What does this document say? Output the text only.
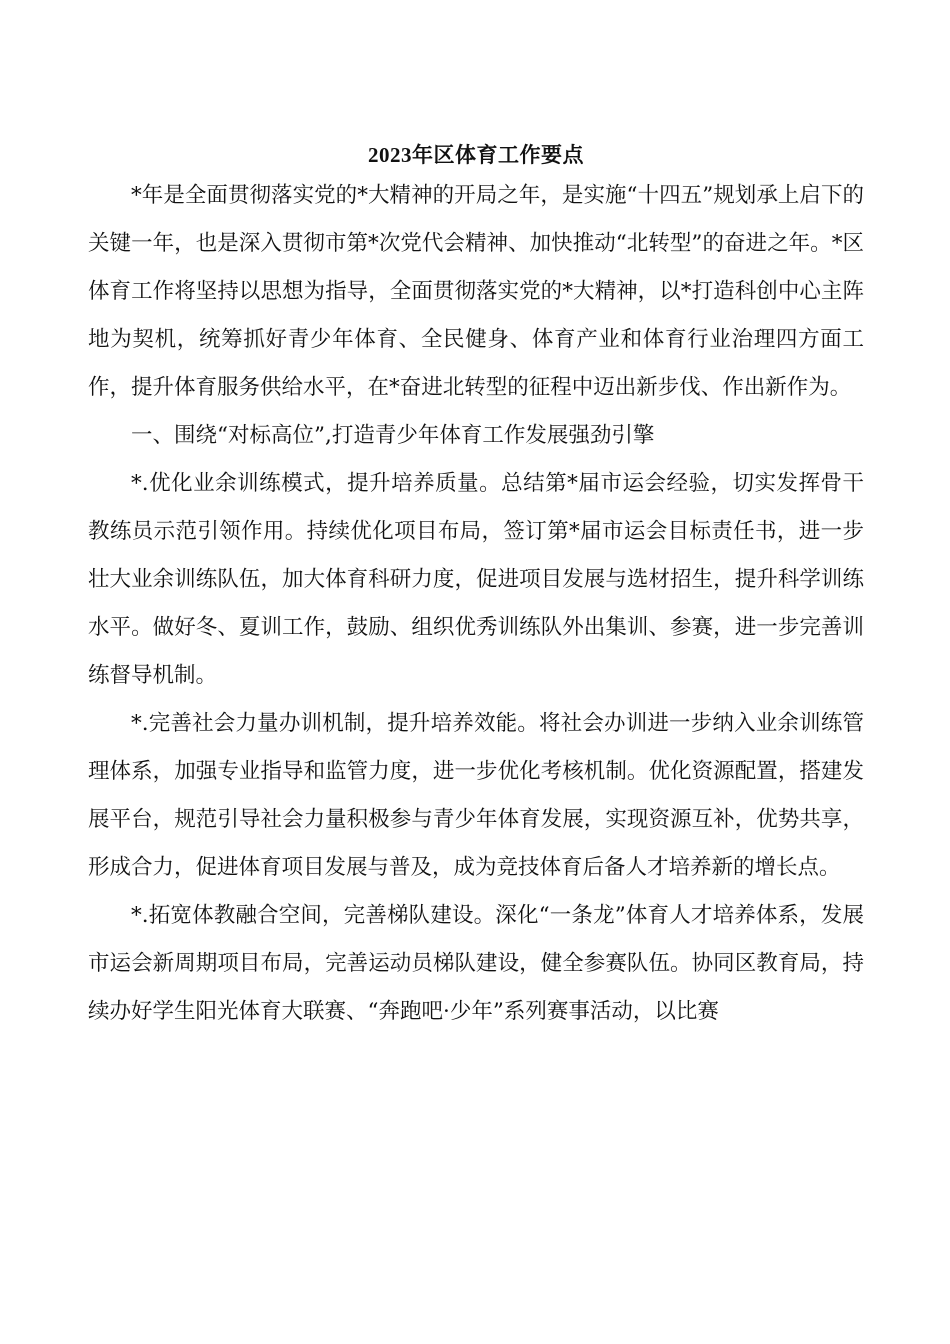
2023年区体育工作要点

*年是全面贯彻落实党的*大精神的开局之年，是实施“十四五”规划承上启下的关键一年，也是深入贯彻市第*次党代会精神、加快推动“北转型”的奋进之年。*区体育工作将坚持以思想为指导，全面贯彻落实党的*大精神，以*打造科创中心主阵地为契机，统筹抓好青少年体育、全民健身、体育产业和体育行业治理四方面工作，提升体育服务供给水平，在*奋进北转型的征程中迈出新步伐、作出新作为。

一、围绕“对标高位”,打造青少年体育工作发展强劲引擎

*.优化业余训练模式，提升培养质量。总结第*届市运会经验，切实发挥骨干教练员示范引领作用。持续优化项目布局，签订第*届市运会目标责任书，进一步壮大业余训练队伍，加大体育科研力度，促进项目发展与选材招生，提升科学训练水平。做好冬、夏训工作，鼓励、组织优秀训练队外出集训、参赛，进一步完善训练督导机制。

*.完善社会力量办训机制，提升培养效能。将社会办训进一步纳入业余训练管理体系，加强专业指导和监管力度，进一步优化考核机制。优化资源配置，搭建发展平台，规范引导社会力量积极参与青少年体育发展，实现资源互补，优势共享，形成合力，促进体育项目发展与普及，成为竞技体育后备人才培养新的增长点。

*.拓宽体教融合空间，完善梯队建设。深化“一条龙”体育人才培养体系，发展市运会新周期项目布局，完善运动员梯队建设，健全参赛队伍。协同区教育局，持续办好学生阳光体育大联赛、“奔跑吧·少年”系列赛事活动，以比赛
